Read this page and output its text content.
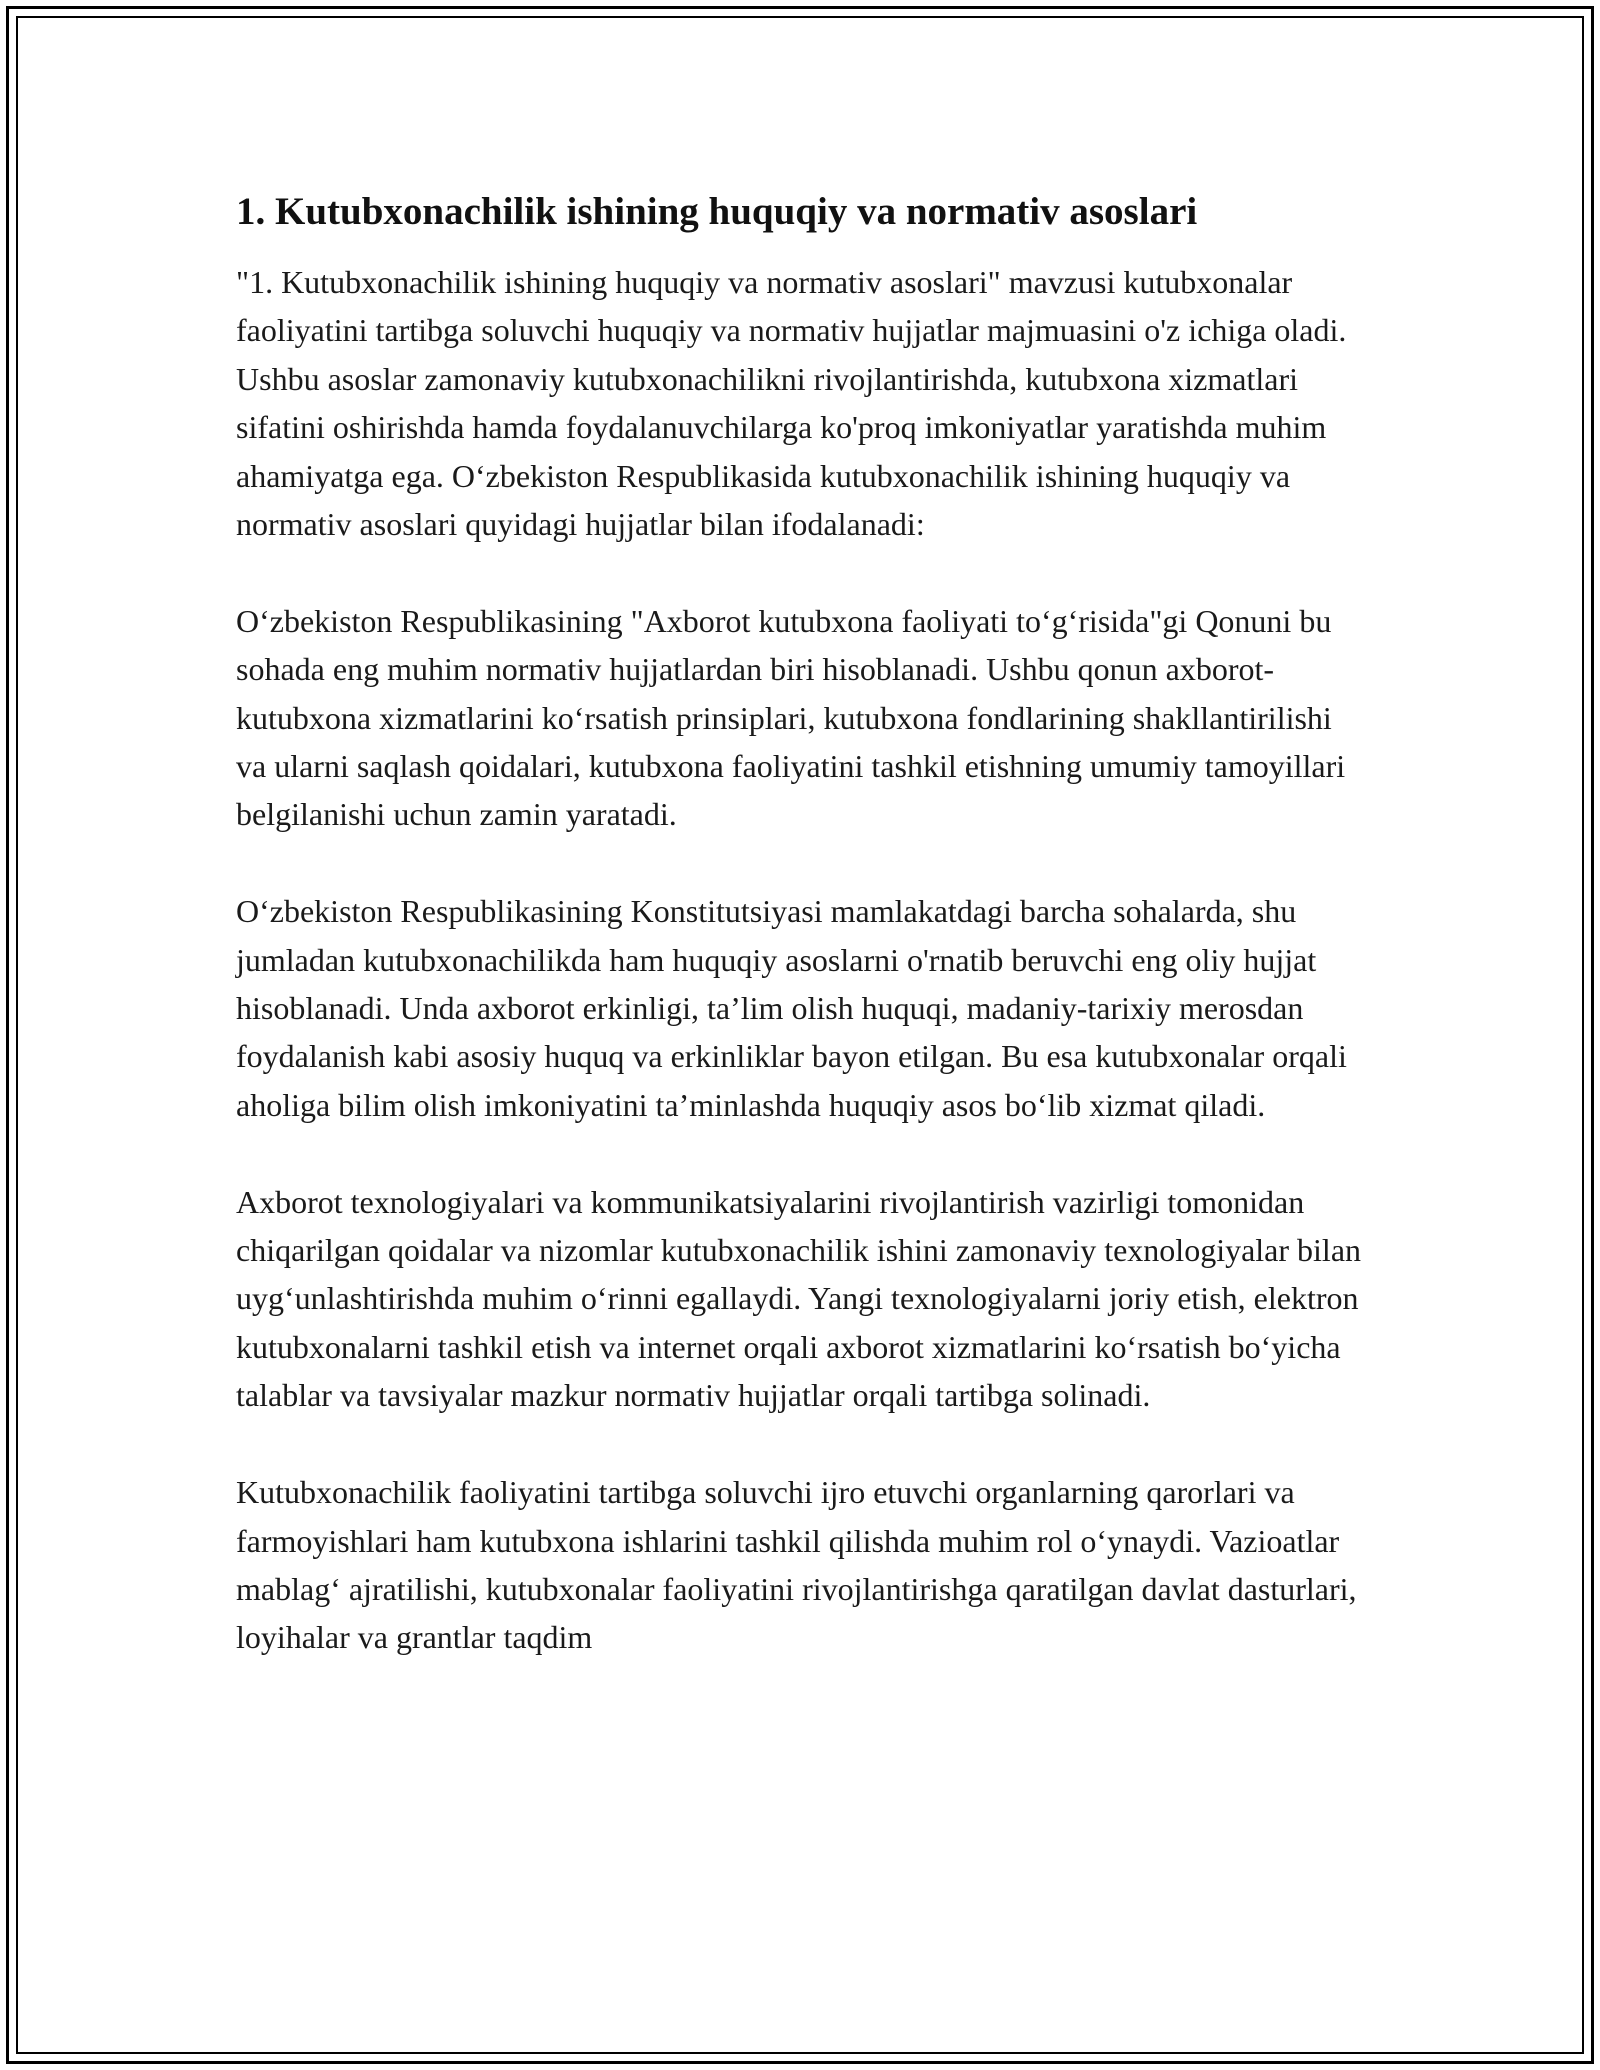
1. Kutubxonachilik ishining huquqiy va normativ asoslari

"1. Kutubxonachilik ishining huquqiy va normativ asoslari" mavzusi kutubxonalar faoliyatini tartibga soluvchi huquqiy va normativ hujjatlar majmuasini o'z ichiga oladi. Ushbu asoslar zamonaviy kutubxonachilikni rivojlantirishda, kutubxona xizmatlari sifatini oshirishda hamda foydalanuvchilarga ko'proq imkoniyatlar yaratishda muhim ahamiyatga ega. Oʻzbekiston Respublikasida kutubxonachilik ishining huquqiy va normativ asoslari quyidagi hujjatlar bilan ifodalanadi:

Oʻzbekiston Respublikasining "Axborot kutubxona faoliyati toʻgʻrisida"gi Qonuni bu sohada eng muhim normativ hujjatlardan biri hisoblanadi. Ushbu qonun axborot-kutubxona xizmatlarini koʻrsatish prinsiplari, kutubxona fondlarining shakllantirilishi va ularni saqlash qoidalari, kutubxona faoliyatini tashkil etishning umumiy tamoyillari belgilanishi uchun zamin yaratadi.

Oʻzbekiston Respublikasining Konstitutsiyasi mamlakatdagi barcha sohalarda, shu jumladan kutubxonachilikda ham huquqiy asoslarni o'rnatib beruvchi eng oliy hujjat hisoblanadi. Unda axborot erkinligi, taʼlim olish huquqi, madaniy-tarixiy merosdan foydalanish kabi asosiy huquq va erkinliklar bayon etilgan. Bu esa kutubxonalar orqali aholiga bilim olish imkoniyatini taʼminlashda huquqiy asos boʻlib xizmat qiladi.

Axborot texnologiyalari va kommunikatsiyalarini rivojlantirish vazirligi tomonidan chiqarilgan qoidalar va nizomlar kutubxonachilik ishini zamonaviy texnologiyalar bilan uygʻunlashtirishda muhim oʻrinni egallaydi. Yangi texnologiyalarni joriy etish, elektron kutubxonalarni tashkil etish va internet orqali axborot xizmatlarini koʻrsatish boʻyicha talablar va tavsiyalar mazkur normativ hujjatlar orqali tartibga solinadi.

Kutubxonachilik faoliyatini tartibga soluvchi ijro etuvchi organlarning qarorlari va farmoyishlari ham kutubxona ishlarini tashkil qilishda muhim rol oʻynaydi. Vazioatlar mablagʻ ajratilishi, kutubxonalar faoliyatini rivojlantirishga qaratilgan davlat dasturlari, loyihalar va grantlar taqdim
